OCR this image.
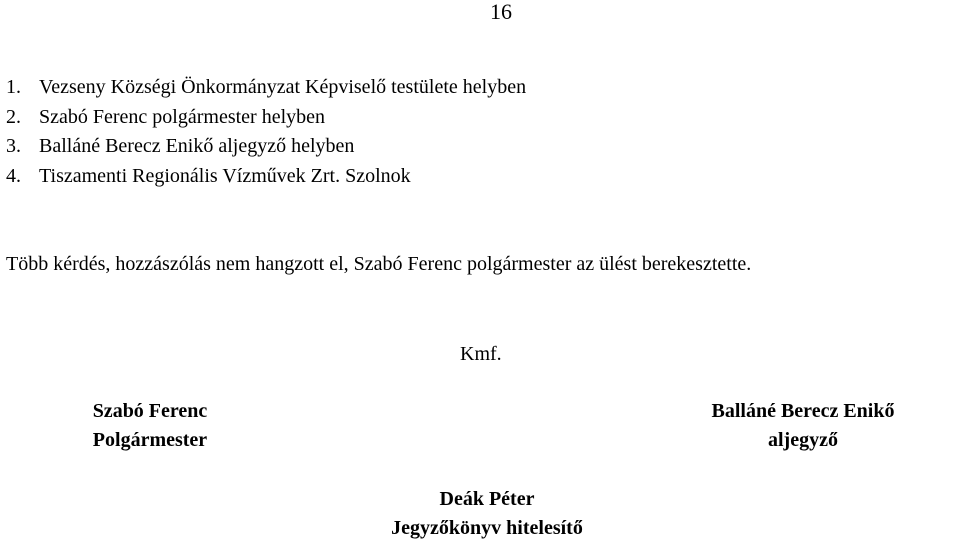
16
1. Vezseny Községi Önkormányzat Képviselő testülete helyben
2. Szabó Ferenc polgármester helyben
3. Balláné Berecz Enikő aljegyző helyben
4. Tiszamenti Regionális Vízművek Zrt. Szolnok
Több kérdés, hozzászólás nem hangzott el, Szabó Ferenc polgármester az ülést berekesztette.
Kmf.
Szabó Ferenc
Polgármester
Balláné Berecz Enikő
aljegyző
Deák Péter
Jegyzőkönyv hitelesítő
